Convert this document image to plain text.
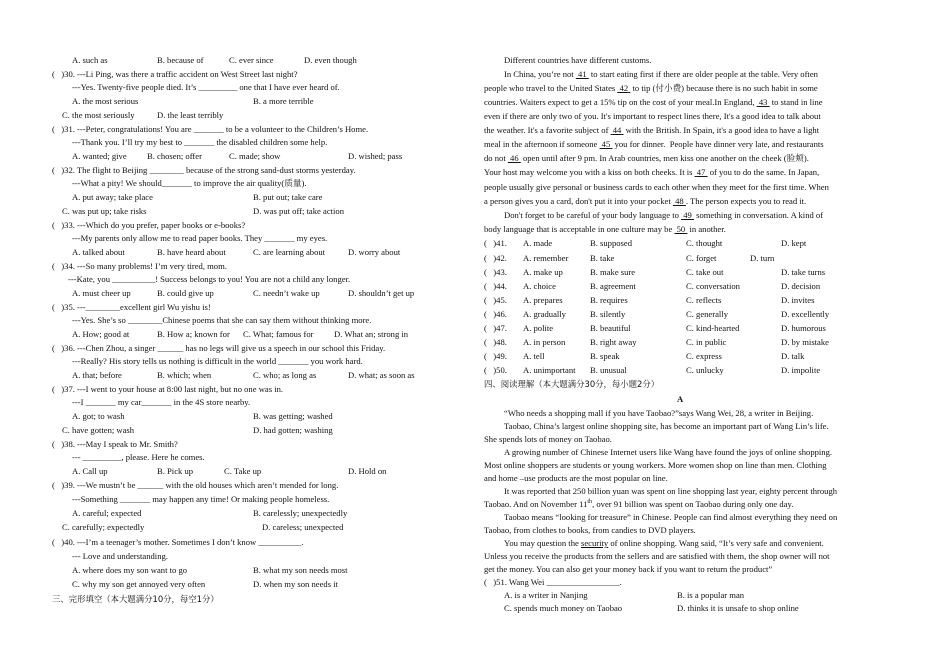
A. such as	B. because of	C. ever since	D. even though
(   )30. ---Li Ping, was there a traffic accident on West Street last night?
---Yes. Twenty-five people died. It’s _________ one that I have ever heard of.
A. the most serious	B. a more terrible
C. the most seriously	D. the least terribly
(   )31. ---Peter, congratulations! You are _______ to be a volunteer to the Children’s Home.
---Thank you. I’ll try my best to _______ the disabled children some help.
A. wanted; give B. chosen; offer	C. made; show	D. wished; pass
(   )32. The flight to Beijing ________ because of the strong sand-dust storms yesterday.
---What a pity! We should_______ to improve the air quality(质量).
A. put away; take place	B. put out; take care
C. was put up; take risks	D. was put off; take action
(   )33. ---Which do you prefer, paper books or e-books?
---My parents only allow me to read paper books. They _______ my eyes.
A. talked about	B. have heard about	C. are learning about	D. worry about
(   )34. ---So many problems! I’m very tired, mom.
---Kate, you __________! Success belongs to you! You are not a child any longer.
A. must cheer up	B. could give up	C. needn’t wake up	D. shouldn’t get up
(   )35. ---________excellent girl Wu yishu is!
---Yes. She’s so ________Chinese poems that she can say them without thinking more.
A. How; good at	B. How a; known for C. What; famous for D. What an; strong in
(   )36. ---Chen Zhou, a singer ______ has no legs will give us a speech in our school this Friday.
---Really? His story tells us nothing is difficult in the world _______ you work hard.
A. that; before	B. which; when	C. who; as long as	D. what; as soon as
(   )37. ---I went to your house at 8:00 last night, but no one was in.
---I _______ my car_______ in the 4S store nearby.
A. got; to wash	B. was getting; washed
C. have gotten; wash	D. had gotten; washing
(   )38. ---May I speak to Mr. Smith?
--- _________, please. Here he comes.
A. Call up	B. Pick up	C. Take up	D. Hold on
(   )39. ---We mustn’t be ______ with the old houses which aren’t mended for long.
---Something _______ may happen any time! Or making people homeless.
A. careful; expected	B. carelessly; unexpectedly
C. carefully; expectedly	D. careless; unexpected
(   )40. ---I’m a teenager’s mother. Sometimes I don’t know __________.
--- Love and understanding.
A. where does my son want to go	B. what my son needs most
C. why my son get annoyed very often	D. when my son needs it
三、完形填空（本大题满分10分，每空1分）
Different countries have different customs.
In China, you’re not 41 to start eating first if there are older people at the table. Very often
people who travel to the United States 42 to tip (付小费) because there is no such habit in some
countries. Waiters expect to get a 15% tip on the cost of your meal.In England, 43 to stand in line
even if there are only two of you. It's important to respect lines there, It's a good idea to talk about
the weather. It's a favorite subject of 44 with the British. In Spain, it's a good idea to have a light
meal in the afternoon if someone 45 you for dinner.  People have dinner very late, and restaurants
do not 46 open until after 9 pm. In Arab countries, men kiss one another on the cheek (脸颊).
Your host may welcome you with a kiss on both cheeks. It is 47 of you to do the same. In Japan,
people usually give personal or business cards to each other when they meet for the first time. When
a person gives you a card, don't put it into your pocket 48 . The person expects you to read it.
Don't forget to be careful of your body language to 49 something in conversation. A kind of
body language that is acceptable in one culture may be 50 in another.
(   )41. A. made	B. supposed	C. thought	D. kept
(   )42. A. remember	B. take	C. forget	D. turn
(   )43. A. make up	B. make sure	C. take out	D. take turns
(   )44. A. choice	B. agreement	C. conversation	D. decision
(   )45. A. prepares	B. requires	C. reflects	D. invites
(   )46. A. gradually	B. silently	C. generally	D. excellently
(   )47. A. polite	B. beautiful	C. kind-hearted	D. humorous
(   )48. A. in person	B. right away	C. in public	D. by mistake
(   )49. A. tell	B. speak	C. express	D. talk
(   )50. A. unimportant B. unusual	C. unlucky	D. impolite
四、阅读理解（本大题满分30分，每小题2分）
A
“Who needs a shopping mall if you have Taobao?”says Wang Wei, 28, a writer in Beijing.
Taobao, China’s largest online shopping site, has become an important part of Wang Lin’s life.
She spends lots of money on Taobao.
A growing number of Chinese Internet users like Wang have found the joys of online shopping.
Most online shoppers are students or young workers. More women shop on line than men. Clothing
and home –use products are the most popular on line.
It was reported that 250 billion yuan was spent on line shopping last year, eighty percent through
Taobao. And on November 11th, over 91 billion was spent on Taobao during only one day.
Taobao means “looking for treasure” in Chinese. People can find almost everything they need on
Taobao, from clothes to books, from candies to DVD players.
You may question the security of online shopping. Wang said, “It’s very safe and convenient.
Unless you receive the products from the sellers and are satisfied with them, the shop owner will not
get the money. You can also get your money back if you want to return the product”
(   )51. Wang Wei _________________.
A. is a writer in Nanjing	B. is a popular man
C. spends much money on Taobao	D. thinks it is unsafe to shop online
